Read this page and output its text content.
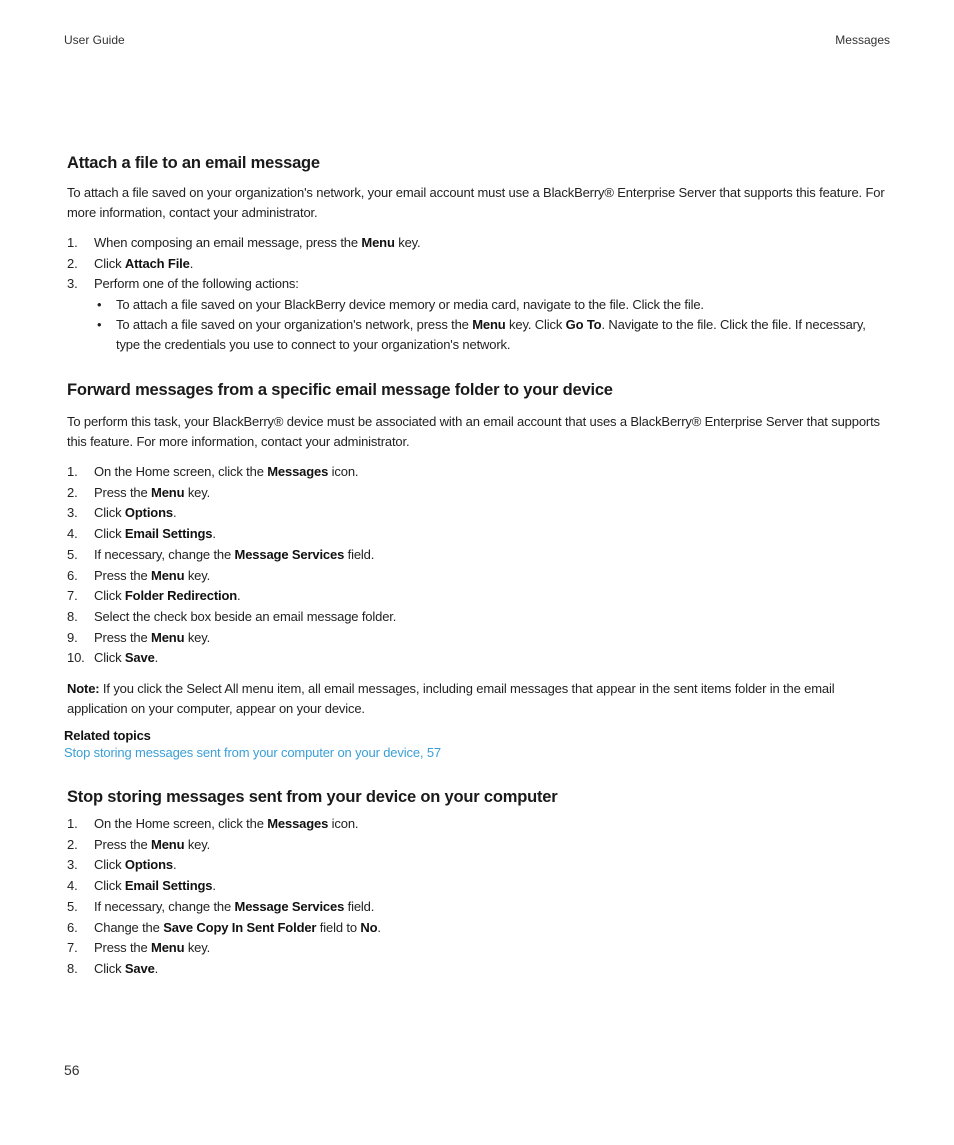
User Guide	Messages
Attach a file to an email message

To attach a file saved on your organization's network, your email account must use a BlackBerry® Enterprise Server that supports this feature. For more information, contact your administrator.

1. When composing an email message, press the Menu key.
2. Click Attach File.
3. Perform one of the following actions:
• To attach a file saved on your BlackBerry device memory or media card, navigate to the file. Click the file.
• To attach a file saved on your organization's network, press the Menu key. Click Go To. Navigate to the file. Click the file. If necessary, type the credentials you use to connect to your organization's network.
Forward messages from a specific email message folder to your device

To perform this task, your BlackBerry® device must be associated with an email account that uses a BlackBerry® Enterprise Server that supports this feature. For more information, contact your administrator.

1. On the Home screen, click the Messages icon.
2. Press the Menu key.
3. Click Options.
4. Click Email Settings.
5. If necessary, change the Message Services field.
6. Press the Menu key.
7. Click Folder Redirection.
8. Select the check box beside an email message folder.
9. Press the Menu key.
10. Click Save.

Note: If you click the Select All menu item, all email messages, including email messages that appear in the sent items folder in the email application on your computer, appear on your device.

Related topics
Stop storing messages sent from your computer on your device, 57
Stop storing messages sent from your device on your computer
1. On the Home screen, click the Messages icon.
2. Press the Menu key.
3. Click Options.
4. Click Email Settings.
5. If necessary, change the Message Services field.
6. Change the Save Copy In Sent Folder field to No.
7. Press the Menu key.
8. Click Save.
56
